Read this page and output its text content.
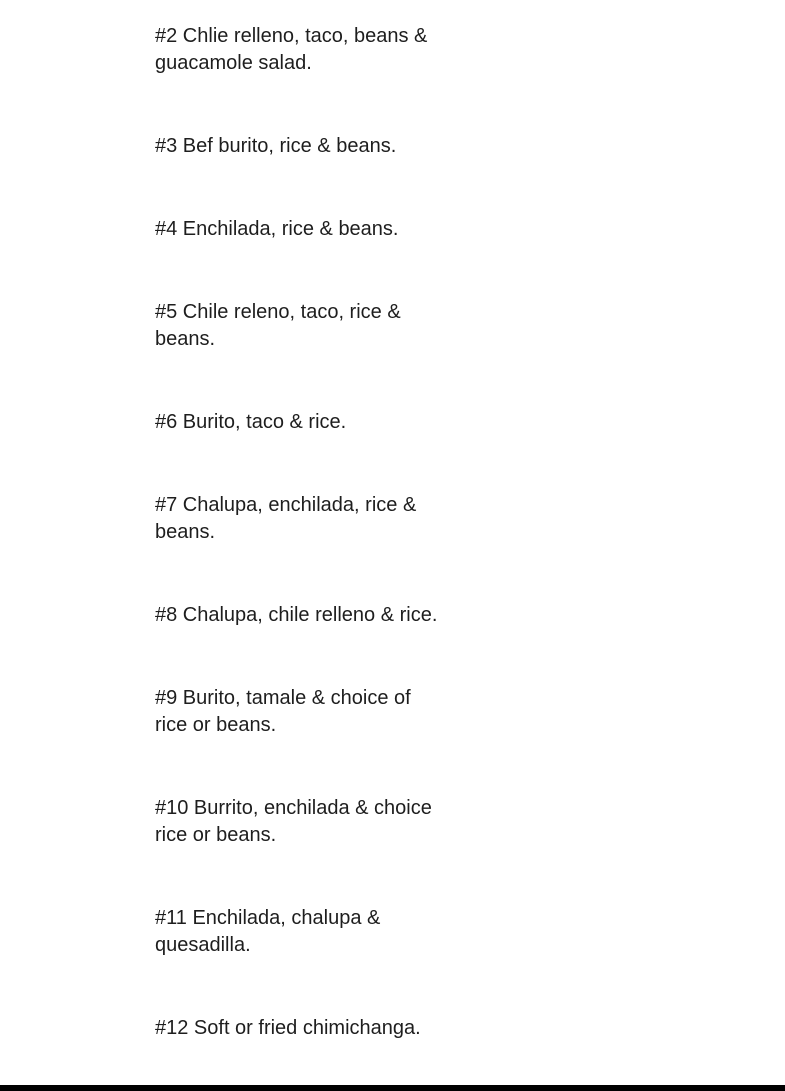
#2 Chlie relleno, taco, beans & guacamole salad.
#3 Bef burito, rice & beans.
#4 Enchilada, rice & beans.
#5 Chile releno, taco, rice & beans.
#6 Burito, taco & rice.
#7 Chalupa, enchilada, rice & beans.
#8 Chalupa, chile relleno & rice.
#9 Burito, tamale & choice of rice or beans.
#10 Burrito, enchilada & choice rice or beans.
#11 Enchilada, chalupa & quesadilla.
#12 Soft or fried chimichanga.
